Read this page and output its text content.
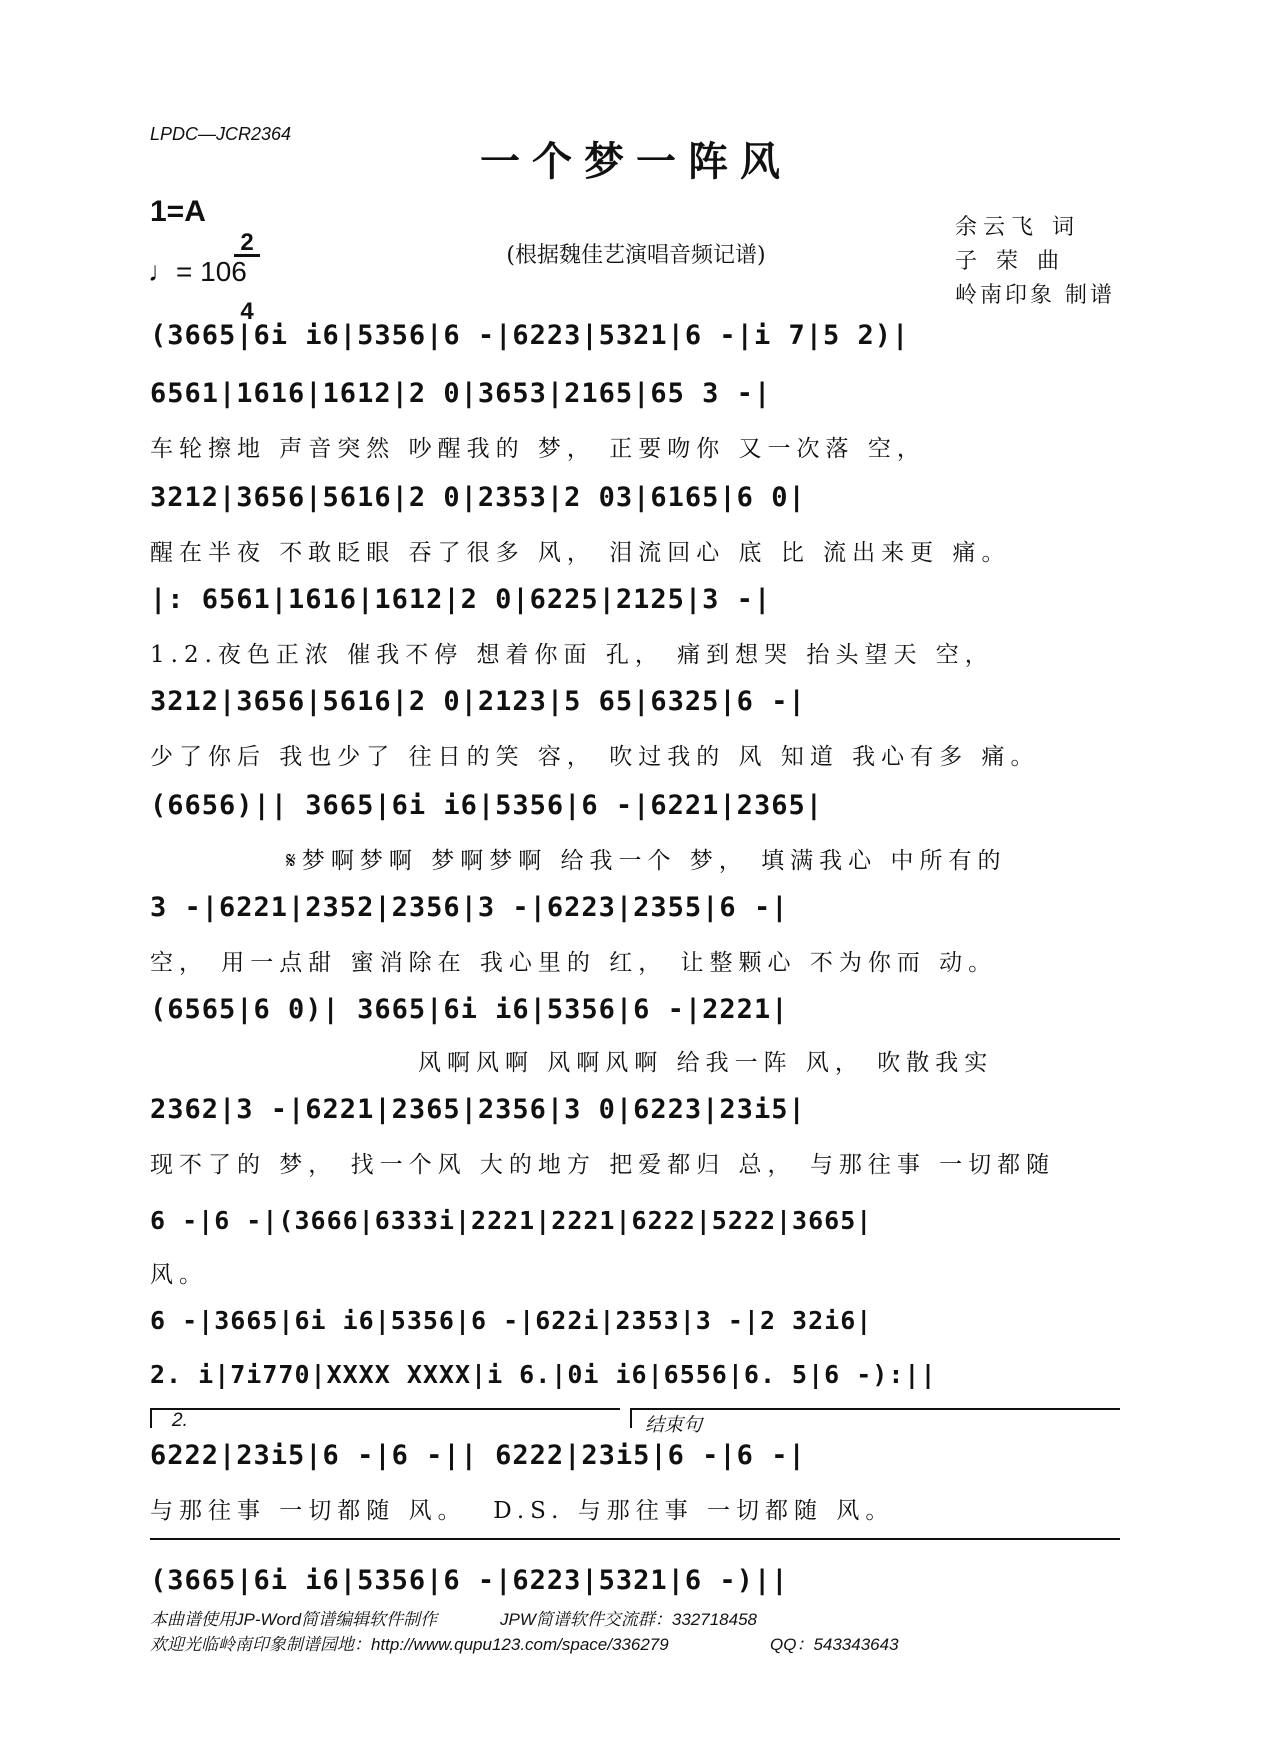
LPDC—JCR2364
一个梦一阵风
(根据魏佳艺演唱音频记谱)
1=A

$\frac{2}{4}$

♩= 106
余云飞 词
子 荣 曲
岭南印象 制谱
(3665|6i i6|5356|6 -|6223|5321|6 -|i 7|5 2)|
6561|1616|1612|2 0|3653|2165|65 3 -|
车轮擦地 声音突然 吵醒我的 梦， 正要吻你 又一次落 空，
3212|3656|5616|2 0|2353|2 03|6165|6 0|
醒在半夜 不敢眨眼 吞了很多 风， 泪流回心 底 比 流出来更 痛。
|: 6561|1616|1612|2 0|6225|2125|3 -|
1.2.夜色正浓 催我不停 想着你面 孔， 痛到想哭 抬头望天 空，
3212|3656|5616|2 0|2123|5 65|6325|6 -|
少了你后 我也少了 往日的笑 容， 吹过我的 风 知道 我心有多 痛。
(6656)|| 3665|6i i6|5356|6 -|6221|2365|
𝄋梦啊梦啊 梦啊梦啊 给我一个 梦， 填满我心 中所有的
3 -|6221|2352|2356|3 -|6223|2355|6 -|
空， 用一点甜 蜜消除在 我心里的 红， 让整颗心 不为你而 动。
(6565|6 0)| 3665|6i i6|5356|6 -|2221|
风啊风啊 风啊风啊 给我一阵 风， 吹散我实
2362|3 -|6221|2365|2356|3 0|6223|23i5|
现不了的 梦， 找一个风 大的地方 把爱都归 总， 与那往事 一切都随
6 -|6 -|(3666|6333i|2221|2221|6222|5222|3665|
风。
6 -|3665|6i i6|5356|6 -|622i|2353|3 -|2 32i6|
2. i|7i770|XXXX XXXX|i 6.|0i i6|6556|6. 5|6 -):||
2.	结束句
6222|23i5|6 -|6 -|| 6222|23i5|6 -|6 -|
与那往事 一切都随 风。  D.S. 与那往事 一切都随 风。
(3665|6i i6|5356|6 -|6223|5321|6 -)||
本曲谱使用JP-Word简谱编辑软件制作	JPW简谱软件交流群：332718458
欢迎光临岭南印象制谱园地：http://www.qupu123.com/space/336279	QQ：543343643
